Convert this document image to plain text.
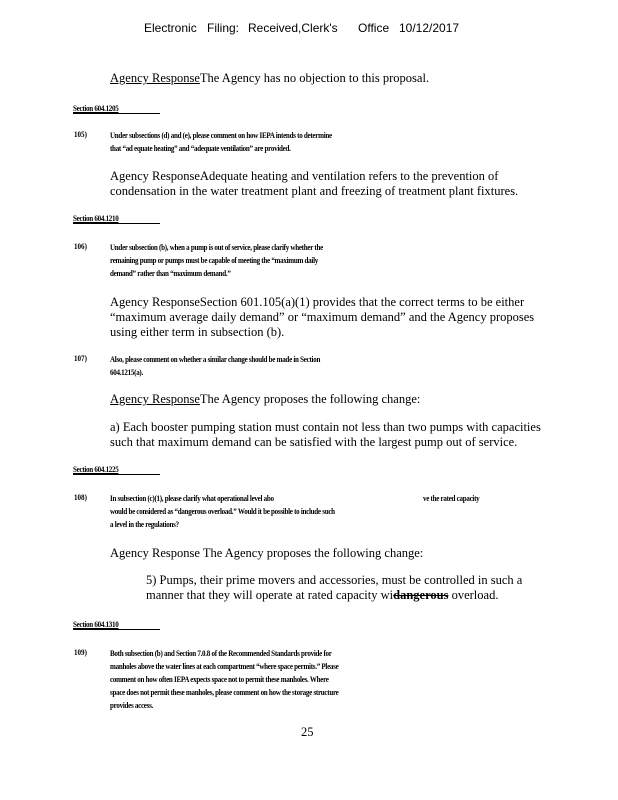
Electronic Filing: Received,Clerk's Office 10/12/2017
Agency ResponseThe Agency has no objection to this proposal.
Section 604.1205
105)	Under subsections (d) and (e), please comment on how IEPA intends to determine
that “ad equate heating” and “adequate ventilation” are provided.
Agency ResponseAdequate heating and ventilation refers to the prevention of
condensation in the water treatment plant and freezing of treatment plant fixtures.
Section 604.1210
106)	Under subsection (b), when a pump is out of service, please clarify whether the
remaining pump or pumps must be capable of meeting the “maximum daily
demand” rather than “maximum demand.”
Agency ResponseSection 601.105(a)(1) provides that the correct terms to be either
“maximum average daily demand” or “maximum demand” and the Agency proposes
using either term in subsection (b).
107)	Also, please comment on whether a similar change should be made in Section
604.1215(a).
Agency ResponseThe Agency proposes the following change:
a) Each booster pumping station must contain not less than two pumps with capacities
such that maximum demand can be satisfied with the largest pump out of service.
Section 604.1225
108)	In subsection (c)(1), please clarify what operational level abo	ve the rated capacity
would be considered as “dangerous overload.” Would it be possible to include such
a level in the regulations?
Agency Response The Agency proposes the following change:
5) Pumps, their prime movers and accessories, must be controlled in such a
manner that they will operate at rated capacity widangerous overload.
Section 604.1310
109)	Both subsection (b) and Section 7.0.8 of the Recommended Standards provide for
manholes above the water lines at each compartment “where space permits.” Please
comment on how often IEPA expects space not to permit these manholes. Where
space does not permit these manholes, please comment on how the storage structure
provides access.
25
